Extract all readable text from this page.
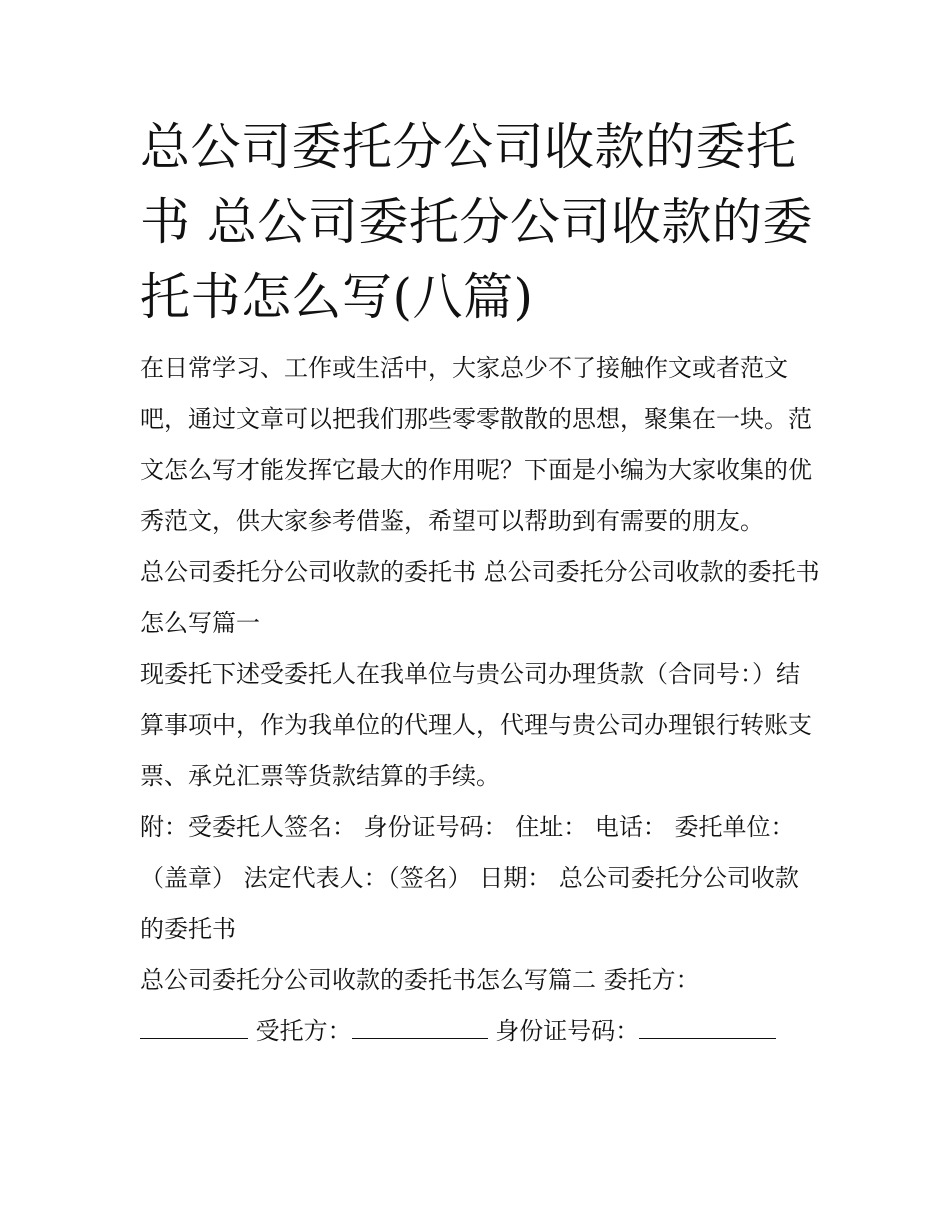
总公司委托分公司收款的委托书 总公司委托分公司收款的委托书怎么写(八篇)

在日常学习、工作或生活中，大家总少不了接触作文或者范文吧，通过文章可以把我们那些零零散散的思想，聚集在一块。范文怎么写才能发挥它最大的作用呢？下面是小编为大家收集的优秀范文，供大家参考借鉴，希望可以帮助到有需要的朋友。

总公司委托分公司收款的委托书 总公司委托分公司收款的委托书怎么写篇一

现委托下述受委托人在我单位与贵公司办理货款（合同号：）结算事项中，作为我单位的代理人，代理与贵公司办理银行转账支票、承兑汇票等货款结算的手续。

附：受委托人签名： 身份证号码： 住址： 电话： 委托单位：（盖章） 法定代表人：（签名） 日期： 总公司委托分公司收款的委托书

总公司委托分公司收款的委托书怎么写篇二 委托方：
受托方：	身份证号码：
